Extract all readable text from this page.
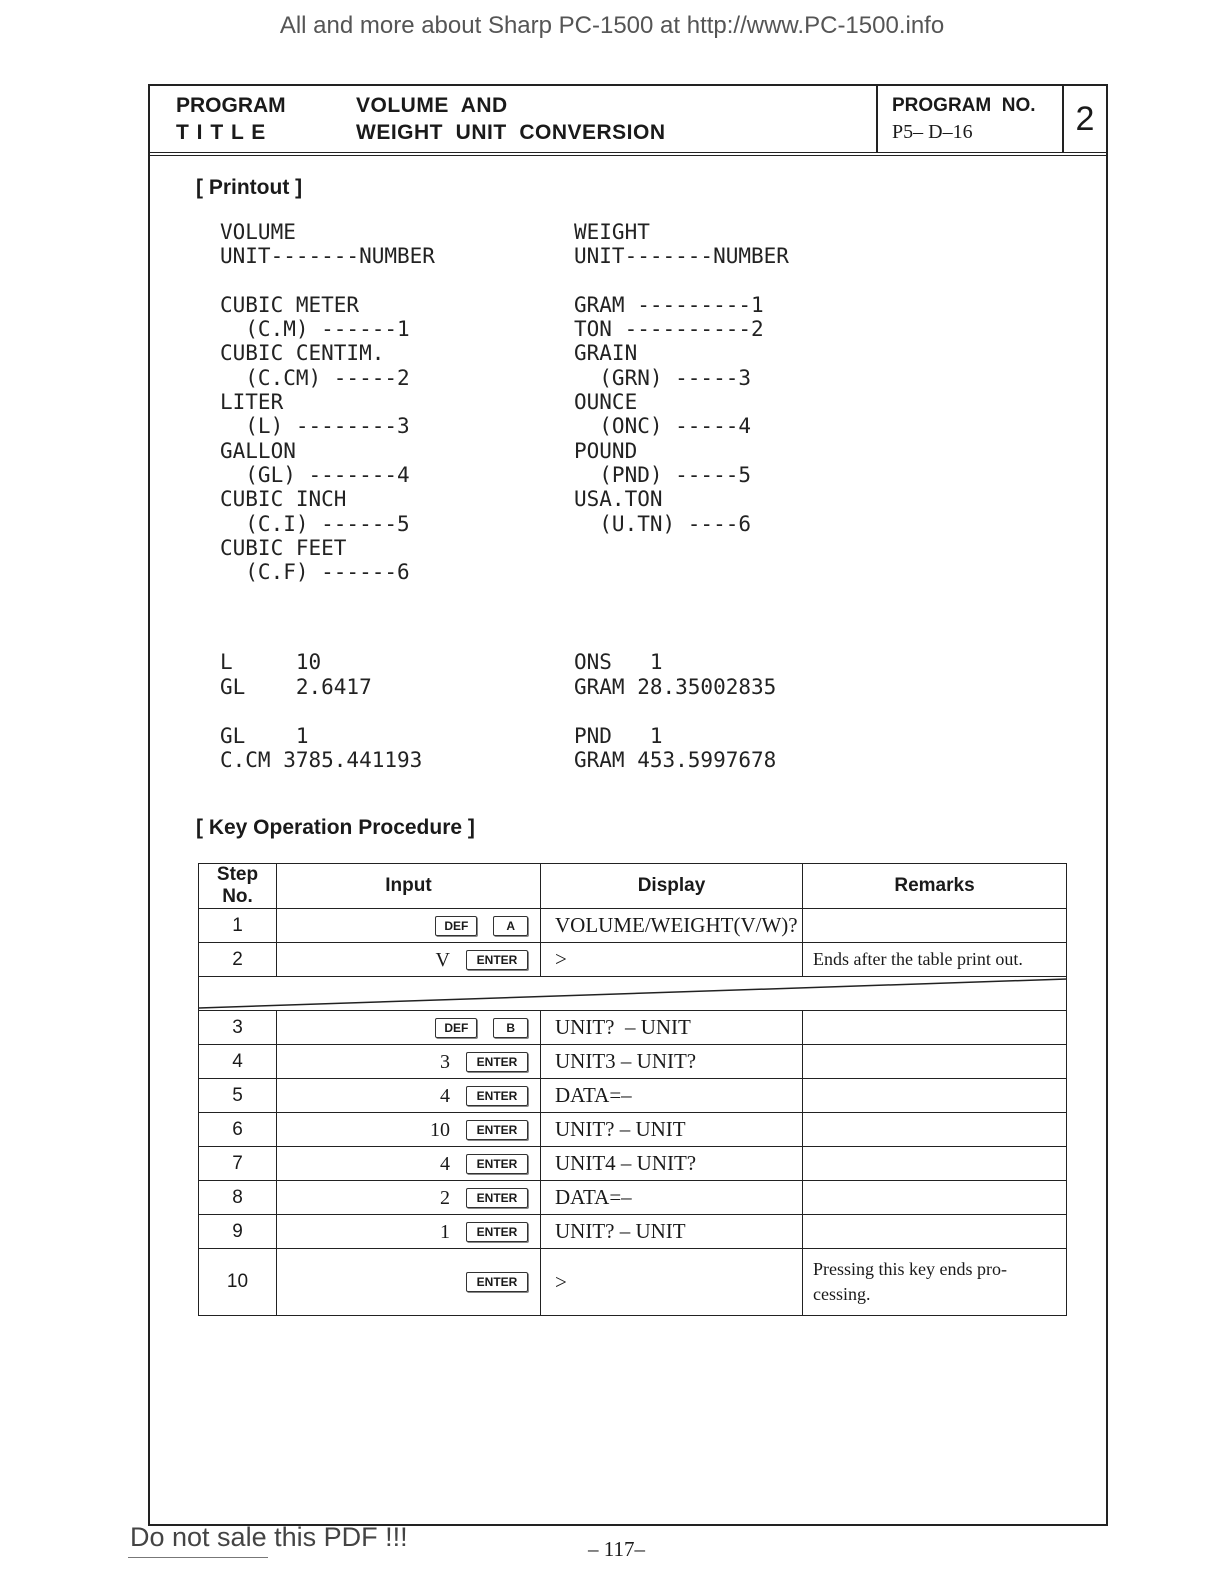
All and more about Sharp PC-1500 at http://www.PC-1500.info
PROGRAM
T I T L E
VOLUME  AND
WEIGHT  UNIT  CONVERSION
PROGRAM  NO.
P5– D–16	2
[ Printout ]
VOLUME
UNIT-------NUMBER

CUBIC METER
(C.M) ------1
CUBIC CENTIM.
(C.CM) -----2
LITER
(L) --------3
GALLON
(GL) -------4
CUBIC INCH
(C.I) ------5
CUBIC FEET
(C.F) ------6
WEIGHT
UNIT-------NUMBER

GRAM ---------1
TON ----------2
GRAIN
(GRN) -----3
OUNCE
(ONC) -----4
POUND
(PND) -----5
USA.TON
(U.TN) ----6
L     10
GL    2.6417

GL    1
C.CM 3785.441193
ONS   1
GRAM 28.35002835

PND   1
GRAM 453.5997678
[ Key Operation Procedure ]
Step No.	Input	Display	Remarks
1	DEF A	VOLUME/WEIGHT(V/W)?	
2	V ENTER	>	Ends after the table print out.

3	DEF B	UNIT?  – UNIT	
4	3 ENTER	UNIT3 – UNIT?	
5	4 ENTER	DATA=–	
6	10 ENTER	UNIT? – UNIT	
7	4 ENTER	UNIT4 – UNIT?	
8	2 ENTER	DATA=–	
9	1 ENTER	UNIT? – UNIT	
10	ENTER	>	Pressing this key ends pro-cessing.
Do not sale this PDF !!!	– 117–
